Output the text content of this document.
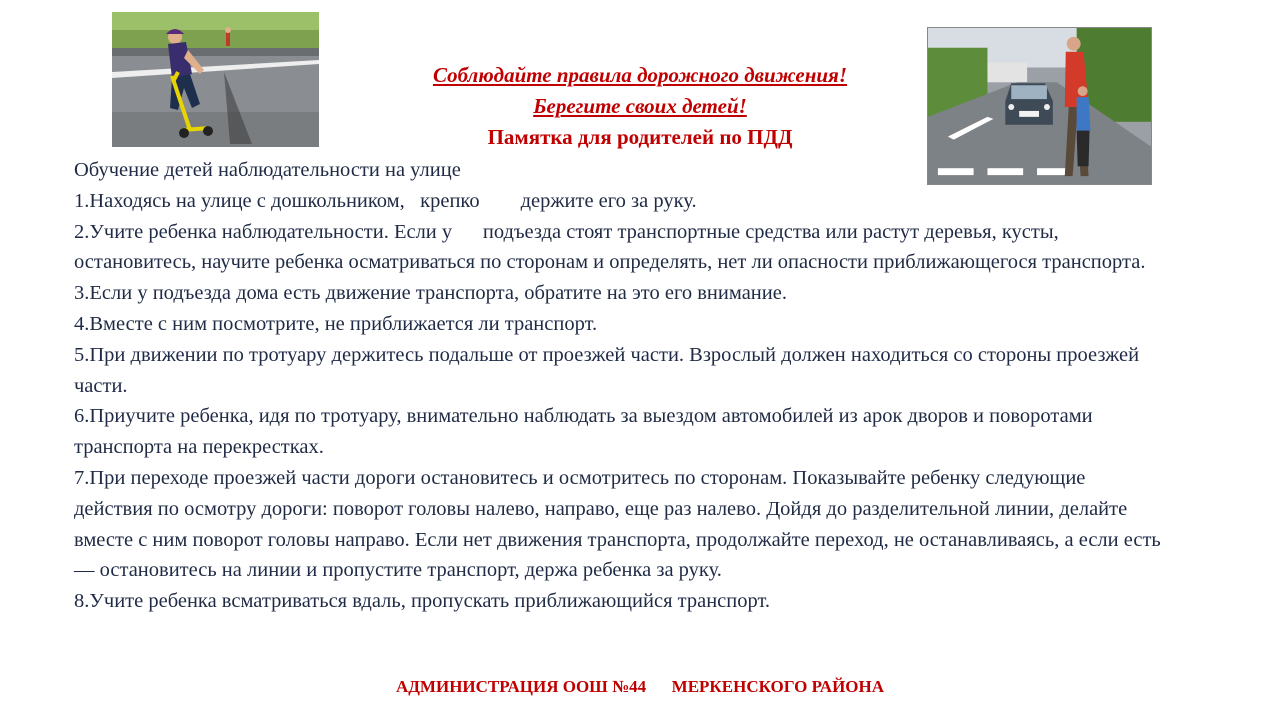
Соблюдайте правила дорожного движения!

Берегите своих детей!

Памятка для родителей по ПДД

Обучение детей наблюдательности на улице

1.Находясь на улице с дошкольником,   крепко        держите его за руку.

2.Учите ребенка наблюдательности. Если у      подъезда стоят транспортные средства или растут деревья, кусты, остановитесь, научите ребенка осматриваться по сторонам и определять, нет ли опасности приближающегося транспорта.

3.Если у подъезда дома есть движение транспорта, обратите на это его внимание.

4.Вместе с ним посмотрите, не приближается ли транспорт.

5.При движении по тротуару держитесь подальше от проезжей части. Взрослый должен находиться со стороны проезжей части.

6.Приучите ребенка, идя по тротуару, внимательно наблюдать за выездом автомобилей из арок дворов и поворотами транспорта на перекрестках.

7.При переходе проезжей части дороги остановитесь и осмотритесь по сторонам. Показывайте ребенку следующие действия по осмотру дороги: поворот головы налево, направо, еще раз налево. Дойдя до разделительной линии, делайте вместе с ним поворот головы направо. Если нет движения транспорта, продолжайте переход, не останавливаясь, а если есть — остановитесь на линии и пропустите транспорт, держа ребенка за руку.

8.Учите ребенка всматриваться вдаль, пропускать приближающийся транспорт.

АДМИНИСТРАЦИЯ ООШ №44      МЕРКЕНСКОГО РАЙОНА
